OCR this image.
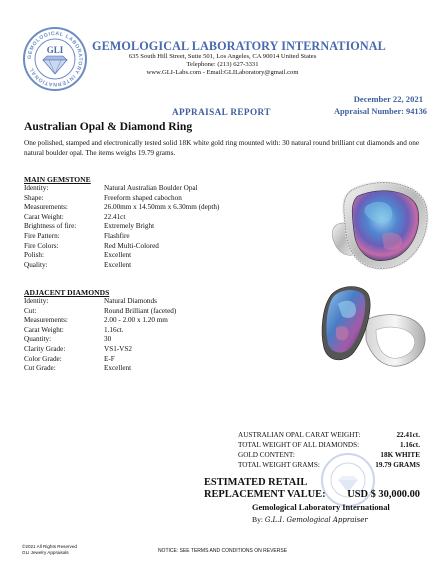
GEMOLOGICAL LABORATORY INTERNATIONAL
GLI GEMOLOGICAL LABORATORY INTERNATIONAL
635 South Hill Street, Suite 501, Los Angeles, CA 90014 United States
Telephone: (213) 627-3331
www.GLI-Labs.com - Email:GLILaboratory@gmail.com
December 22, 2021
APPRAISAL REPORT	Appraisal Number: 94136
Australian Opal & Diamond Ring
One polished, stamped and electronically tested solid 18K white gold ring mounted with: 30 natural round brilliant cut diamonds and one natural boulder opal. The items weighs 19.79 grams.
MAIN GEMSTONE
Identity:	Natural Australian Boulder Opal
Shape:	Freeform shaped cabochon
Measurements:	26.00mm x 14.50mm x 6.30mm (depth)
Carat Weight:	22.41ct
Brightness of fire:	Extremely Bright
Fire Pattern:	Flashfire
Fire Colors:	Red Multi-Colored
Polish:	Excellent
Quality:	Excellent
ADJACENT DIAMONDS
Identity:	Natural Diamonds
Cut:	Round Brilliant (faceted)
Measurements:	2.00 - 2.00 x 1.20 mm
Carat Weight:	1.16ct.
Quantity:	30
Clarity Grade:	VS1-VS2
Color Grade:	E-F
Cut Grade:	Excellent
AUSTRALIAN OPAL CARAT WEIGHT:	22.41ct.
TOTAL WEIGHT OF ALL DIAMONDS:	1.16ct.
GOLD CONTENT:	18K WHITE
TOTAL WEIGHT GRAMS:	19.79 GRAMS
ESTIMATED RETAIL
REPLACEMENT VALUE: USD $ 30,000.00
Gemological Laboratory International
By: G.L.I. Gemological Appraiser
©2021 All Rights Reserved
GLI Jewelry Appraisals	NOTICE: SEE TERMS AND CONDITIONS ON REVERSE
